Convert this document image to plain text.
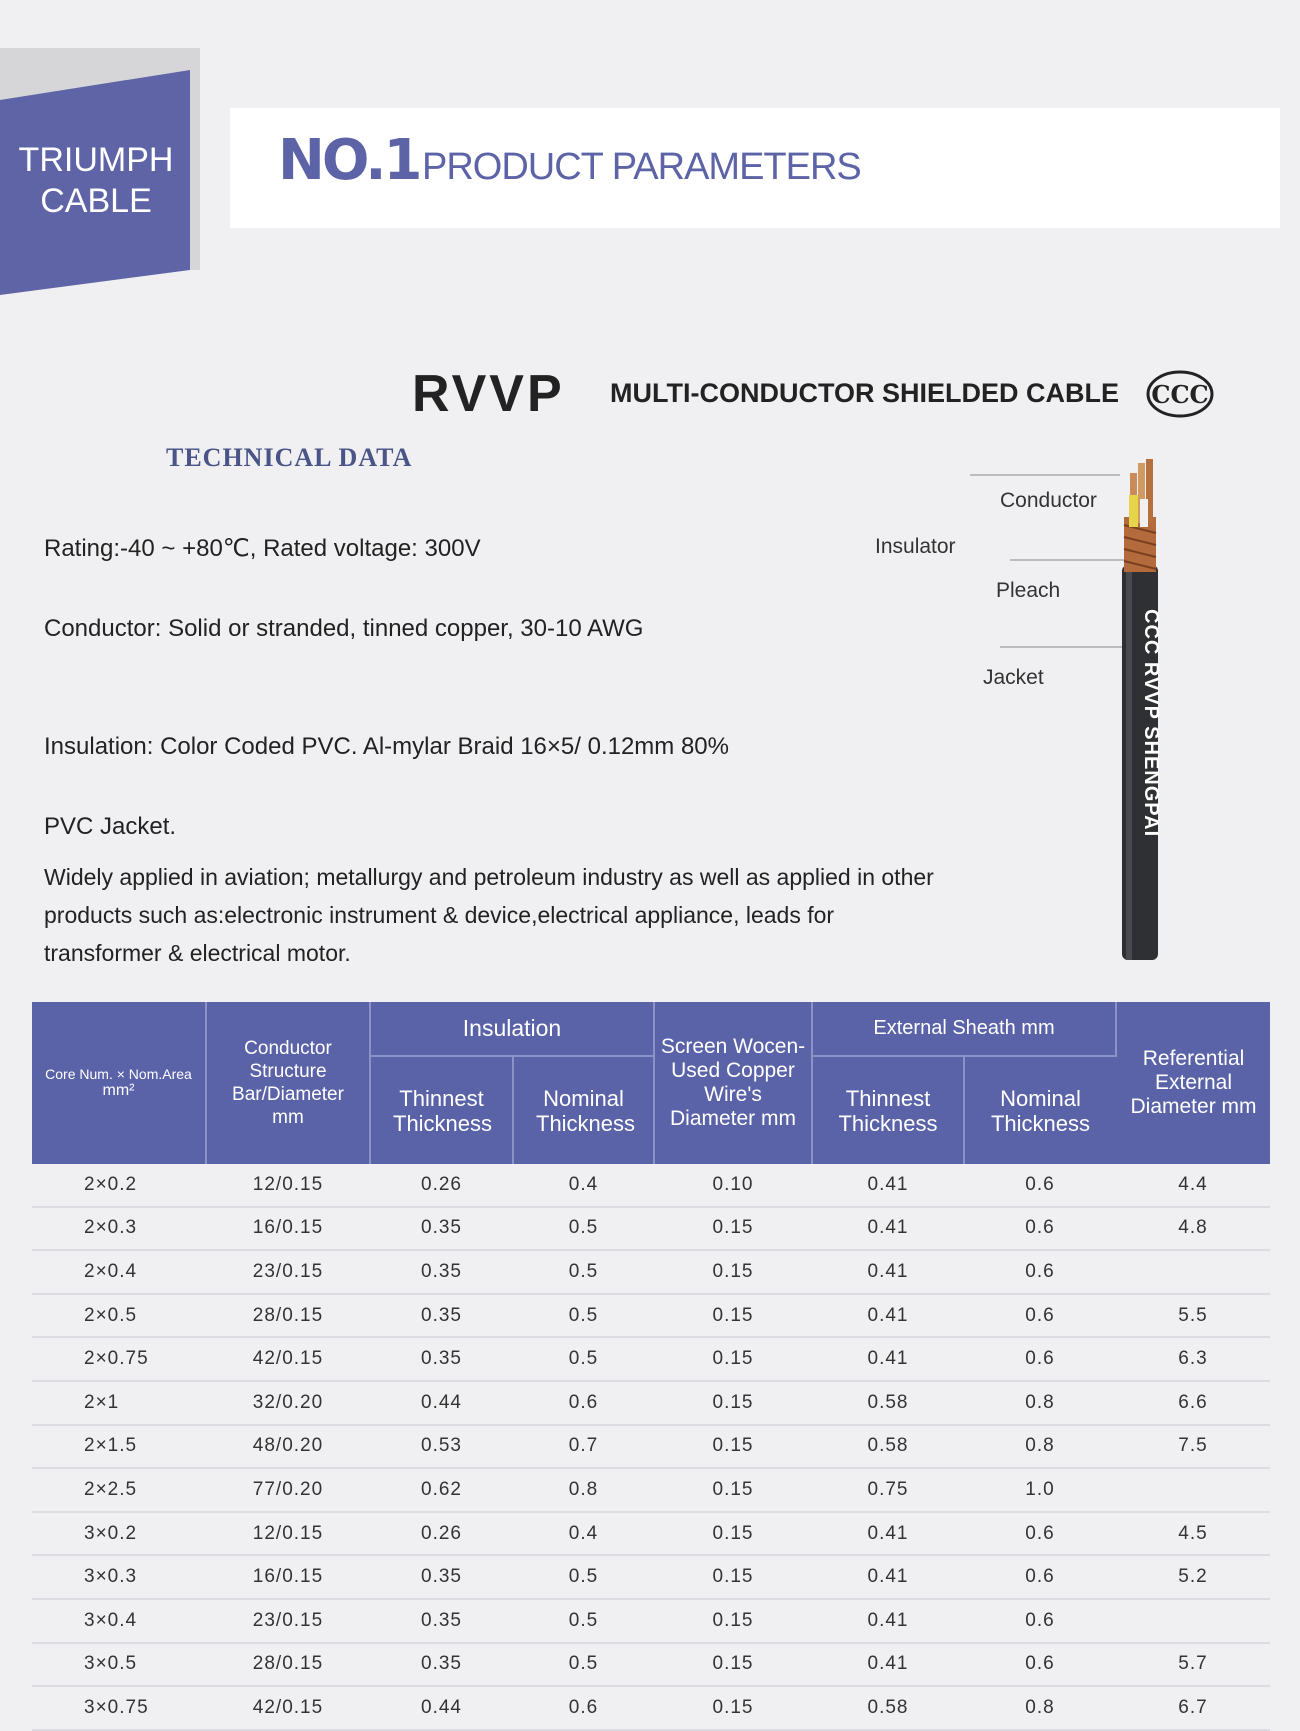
TRIUMPH
CABLE
NO.1 PRODUCT PARAMETERS
RVVP MULTI-CONDUCTOR SHIELDED CABLE CCC
TECHNICAL DATA
Rating:-40 ~ +80℃, Rated voltage: 300V
Conductor: Solid or stranded, tinned copper, 30-10 AWG
Insulation: Color Coded PVC. Al-mylar Braid 16×5/ 0.12mm 80%
PVC Jacket.
Widely applied in aviation; metallurgy and petroleum industry as well as applied in other products such as:electronic instrument & device,electrical appliance, leads for transformer & electrical motor.
Conductor
Insulator
Pleach
Jacket	CCC RVVP SHENGPAI
Core Num. × Nom.Area
mm²	Conductor Structure Bar/Diameter mm	Insulation		Screen Wocen-Used Copper Wire's Diameter mm	External Sheath mm		Referential External Diameter mm
		Thinnest Thickness	Nominal Thickness		Thinnest Thickness	Nominal Thickness	
2×0.2	12/0.15	0.26	0.4	0.10	0.41	0.6	4.4
2×0.3	16/0.15	0.35	0.5	0.15	0.41	0.6	4.8
2×0.4	23/0.15	0.35	0.5	0.15	0.41	0.6	
2×0.5	28/0.15	0.35	0.5	0.15	0.41	0.6	5.5
2×0.75	42/0.15	0.35	0.5	0.15	0.41	0.6	6.3
2×1	32/0.20	0.44	0.6	0.15	0.58	0.8	6.6
2×1.5	48/0.20	0.53	0.7	0.15	0.58	0.8	7.5
2×2.5	77/0.20	0.62	0.8	0.15	0.75	1.0	
3×0.2	12/0.15	0.26	0.4	0.15	0.41	0.6	4.5
3×0.3	16/0.15	0.35	0.5	0.15	0.41	0.6	5.2
3×0.4	23/0.15	0.35	0.5	0.15	0.41	0.6	
3×0.5	28/0.15	0.35	0.5	0.15	0.41	0.6	5.7
3×0.75	42/0.15	0.44	0.6	0.15	0.58	0.8	6.7
